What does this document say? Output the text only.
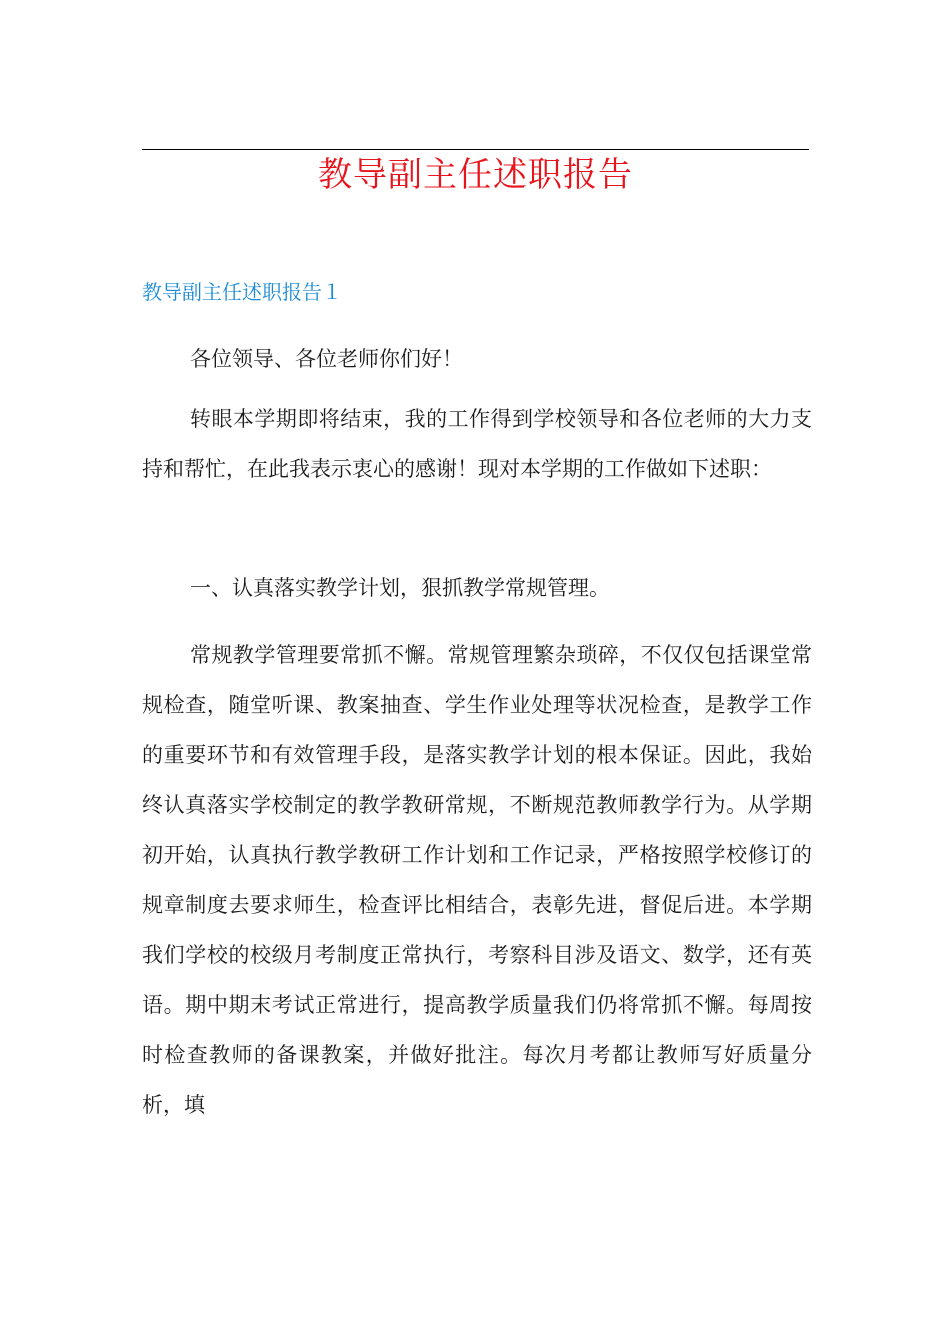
教导副主任述职报告
教导副主任述职报告１

各位领导、各位老师你们好！

转眼本学期即将结束，我的工作得到学校领导和各位老师的大力支持和帮忙，在此我表示衷心的感谢！现对本学期的工作做如下述职：

一、认真落实教学计划，狠抓教学常规管理。

常规教学管理要常抓不懈。常规管理繁杂琐碎，不仅仅包括课堂常规检查，随堂听课、教案抽查、学生作业处理等状况检查，是教学工作的重要环节和有效管理手段，是落实教学计划的根本保证。因此，我始终认真落实学校制定的教学教研常规，不断规范教师教学行为。从学期初开始，认真执行教学教研工作计划和工作记录，严格按照学校修订的规章制度去要求师生，检查评比相结合，表彰先进，督促后进。本学期我们学校的校级月考制度正常执行，考察科目涉及语文、数学，还有英语。期中期末考试正常进行，提高教学质量我们仍将常抓不懈。每周按时检查教师的备课教案，并做好批注。每次月考都让教师写好质量分析，填
